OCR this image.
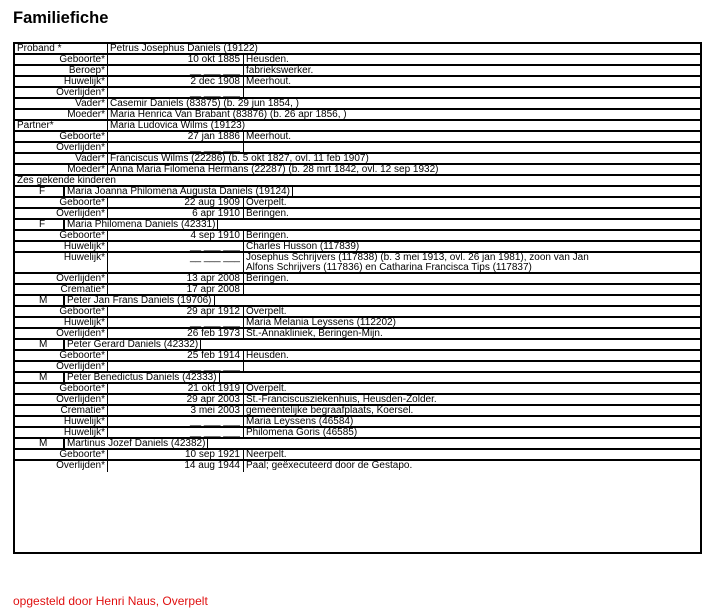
Familiefiche
Proband *	Petrus Josephus Daniels (19122)
Geboorte*	10 okt 1885 Heusden.
Beroep*	__ ___ ___ fabriekswerker.
Huwelijk*	2 dec 1908 Meerhout.
Overlijden*	__ ___ ___
Vader* Casemir Daniels (83875) (b. 29 jun 1854, )
Moeder* Maria Henrica Van Brabant (83876) (b. 26 apr 1856, )
Partner*	Maria Ludovica Wilms (19123)
Geboorte*	27 jan 1886 Meerhout.
Overlijden*	__ ___ ___
Vader* Franciscus Wilms (22286) (b. 5 okt 1827, ovl. 11 feb 1907)
Moeder* Anna Maria Filomena Hermans (22287) (b. 28 mrt 1842, ovl. 12 sep 1932)
Zes gekende kinderen
F	Maria Joanna Philomena Augusta Daniels (19124)
Geboorte*	22 aug 1909 Overpelt.
Overlijden*	6 apr 1910 Beringen.
F	Maria Philomena Daniels (42331)
Geboorte*	4 sep 1910 Beringen.
Huwelijk*	__ ___ ___ Charles Husson (117839)
Huwelijk*	__ ___ ___ Josephus Schrijvers (117838) (b. 3 mei 1913, ovl. 26 jan 1981), zoon van Jan
Alfons Schrijvers (117836) en Catharina Francisca Tips (117837)
Overlijden*	13 apr 2008 Beringen.
Crematie*	17 apr 2008
M	Peter Jan Frans Daniels (19706)
Geboorte*	29 apr 1912 Overpelt.
Huwelijk*	__ ___ ___ Maria Melania Leyssens (112202)
Overlijden*	26 feb 1973 St.-Annakliniek, Beringen-Mijn.
M	Peter Gerard Daniels (42332)
Geboorte*	25 feb 1914 Heusden.
Overlijden*	__ ___ ___
M	Peter Benedictus Daniels (42333)
Geboorte*	21 okt 1919 Overpelt.
Overlijden*	29 apr 2003 St.-Franciscusziekenhuis, Heusden-Zolder.
Crematie*	3 mei 2003 gemeentelijke begraafplaats, Koersel.
Huwelijk*	__ ___ ___ Maria Leyssens (46584)
Huwelijk*	__ ___ ___ Philomena Goris (46585)
M	Martinus Jozef Daniels (42382)
Geboorte*	10 sep 1921 Neerpelt.
Overlijden*	14 aug 1944 Paal; geëxecuteerd door de Gestapo.
opgesteld door Henri Naus, Overpelt
